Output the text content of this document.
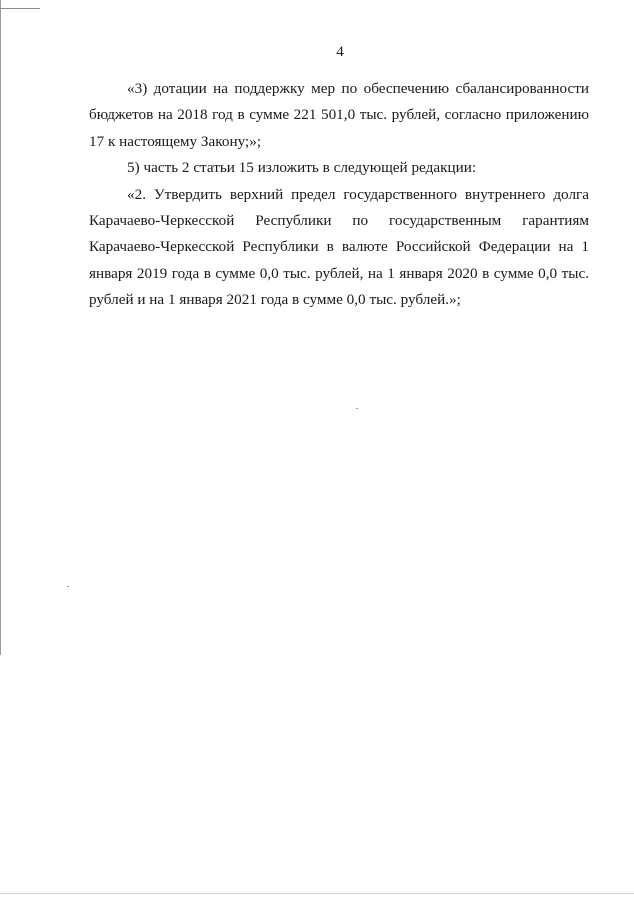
4

«3) дотации на поддержку мер по обеспечению сбалансированности бюджетов на 2018 год в сумме 221 501,0 тыс. рублей, согласно приложению 17 к настоящему Закону;»;

5) часть 2 статьи 15 изложить в следующей редакции:

«2. Утвердить верхний предел государственного внутреннего долга Карачаево-Черкесской Республики по государственным гарантиям Карачаево-Черкесской Республики в валюте Российской Федерации на 1 января 2019 года в сумме 0,0 тыс. рублей, на 1 января 2020 в сумме 0,0 тыс. рублей и на 1 января 2021 года в сумме 0,0 тыс. рублей.»;
